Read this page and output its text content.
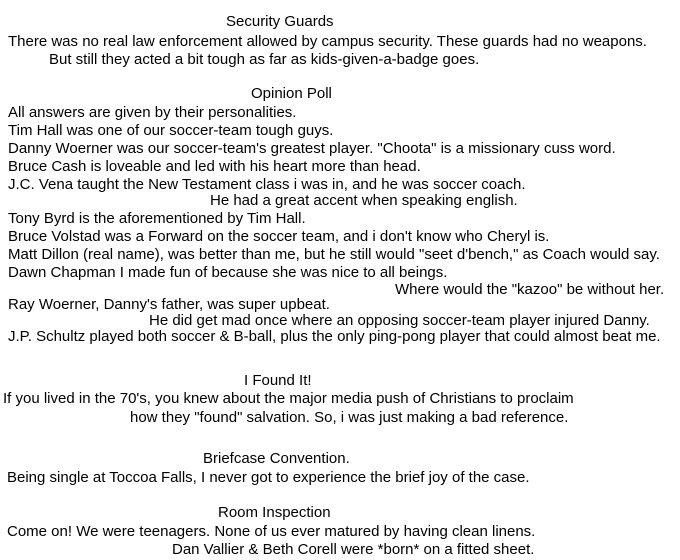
Security Guards
There was no real law enforcement allowed by campus security. These guards had no weapons.
But still they acted a bit tough as far as kids-given-a-badge goes.
Opinion Poll
All answers are given by their personalities.
Tim Hall was one of our soccer-team tough guys.
Danny Woerner was our soccer-team's greatest player. "Choota" is a missionary cuss word.
Bruce Cash is loveable and led with his heart more than head.
J.C. Vena taught the New Testament class i was in, and he was soccer coach.
He had a great accent when speaking english.
Tony Byrd is the aforementioned by Tim Hall.
Bruce Volstad was a Forward on the soccer team, and i don't know who Cheryl is.
Matt Dillon (real name), was better than me, but he still would "seet d'bench," as Coach would say.
Dawn Chapman I made fun of because she was nice to all beings.
Where would the "kazoo" be without her.
Ray Woerner, Danny's father, was super upbeat.
He did get mad once where an opposing soccer-team player injured Danny.
J.P. Schultz played both soccer & B-ball, plus the only ping-pong player that could almost beat me.
I Found It!
If you lived in the 70's, you knew about the major media push of Christians to proclaim
how they "found" salvation. So, i was just making a bad reference.
Briefcase Convention.
Being single at Toccoa Falls, I never got to experience the brief joy of the case.
Room Inspection
Come on! We were teenagers. None of us ever matured by having clean linens.
Dan Vallier & Beth Corell were *born* on a fitted sheet.
